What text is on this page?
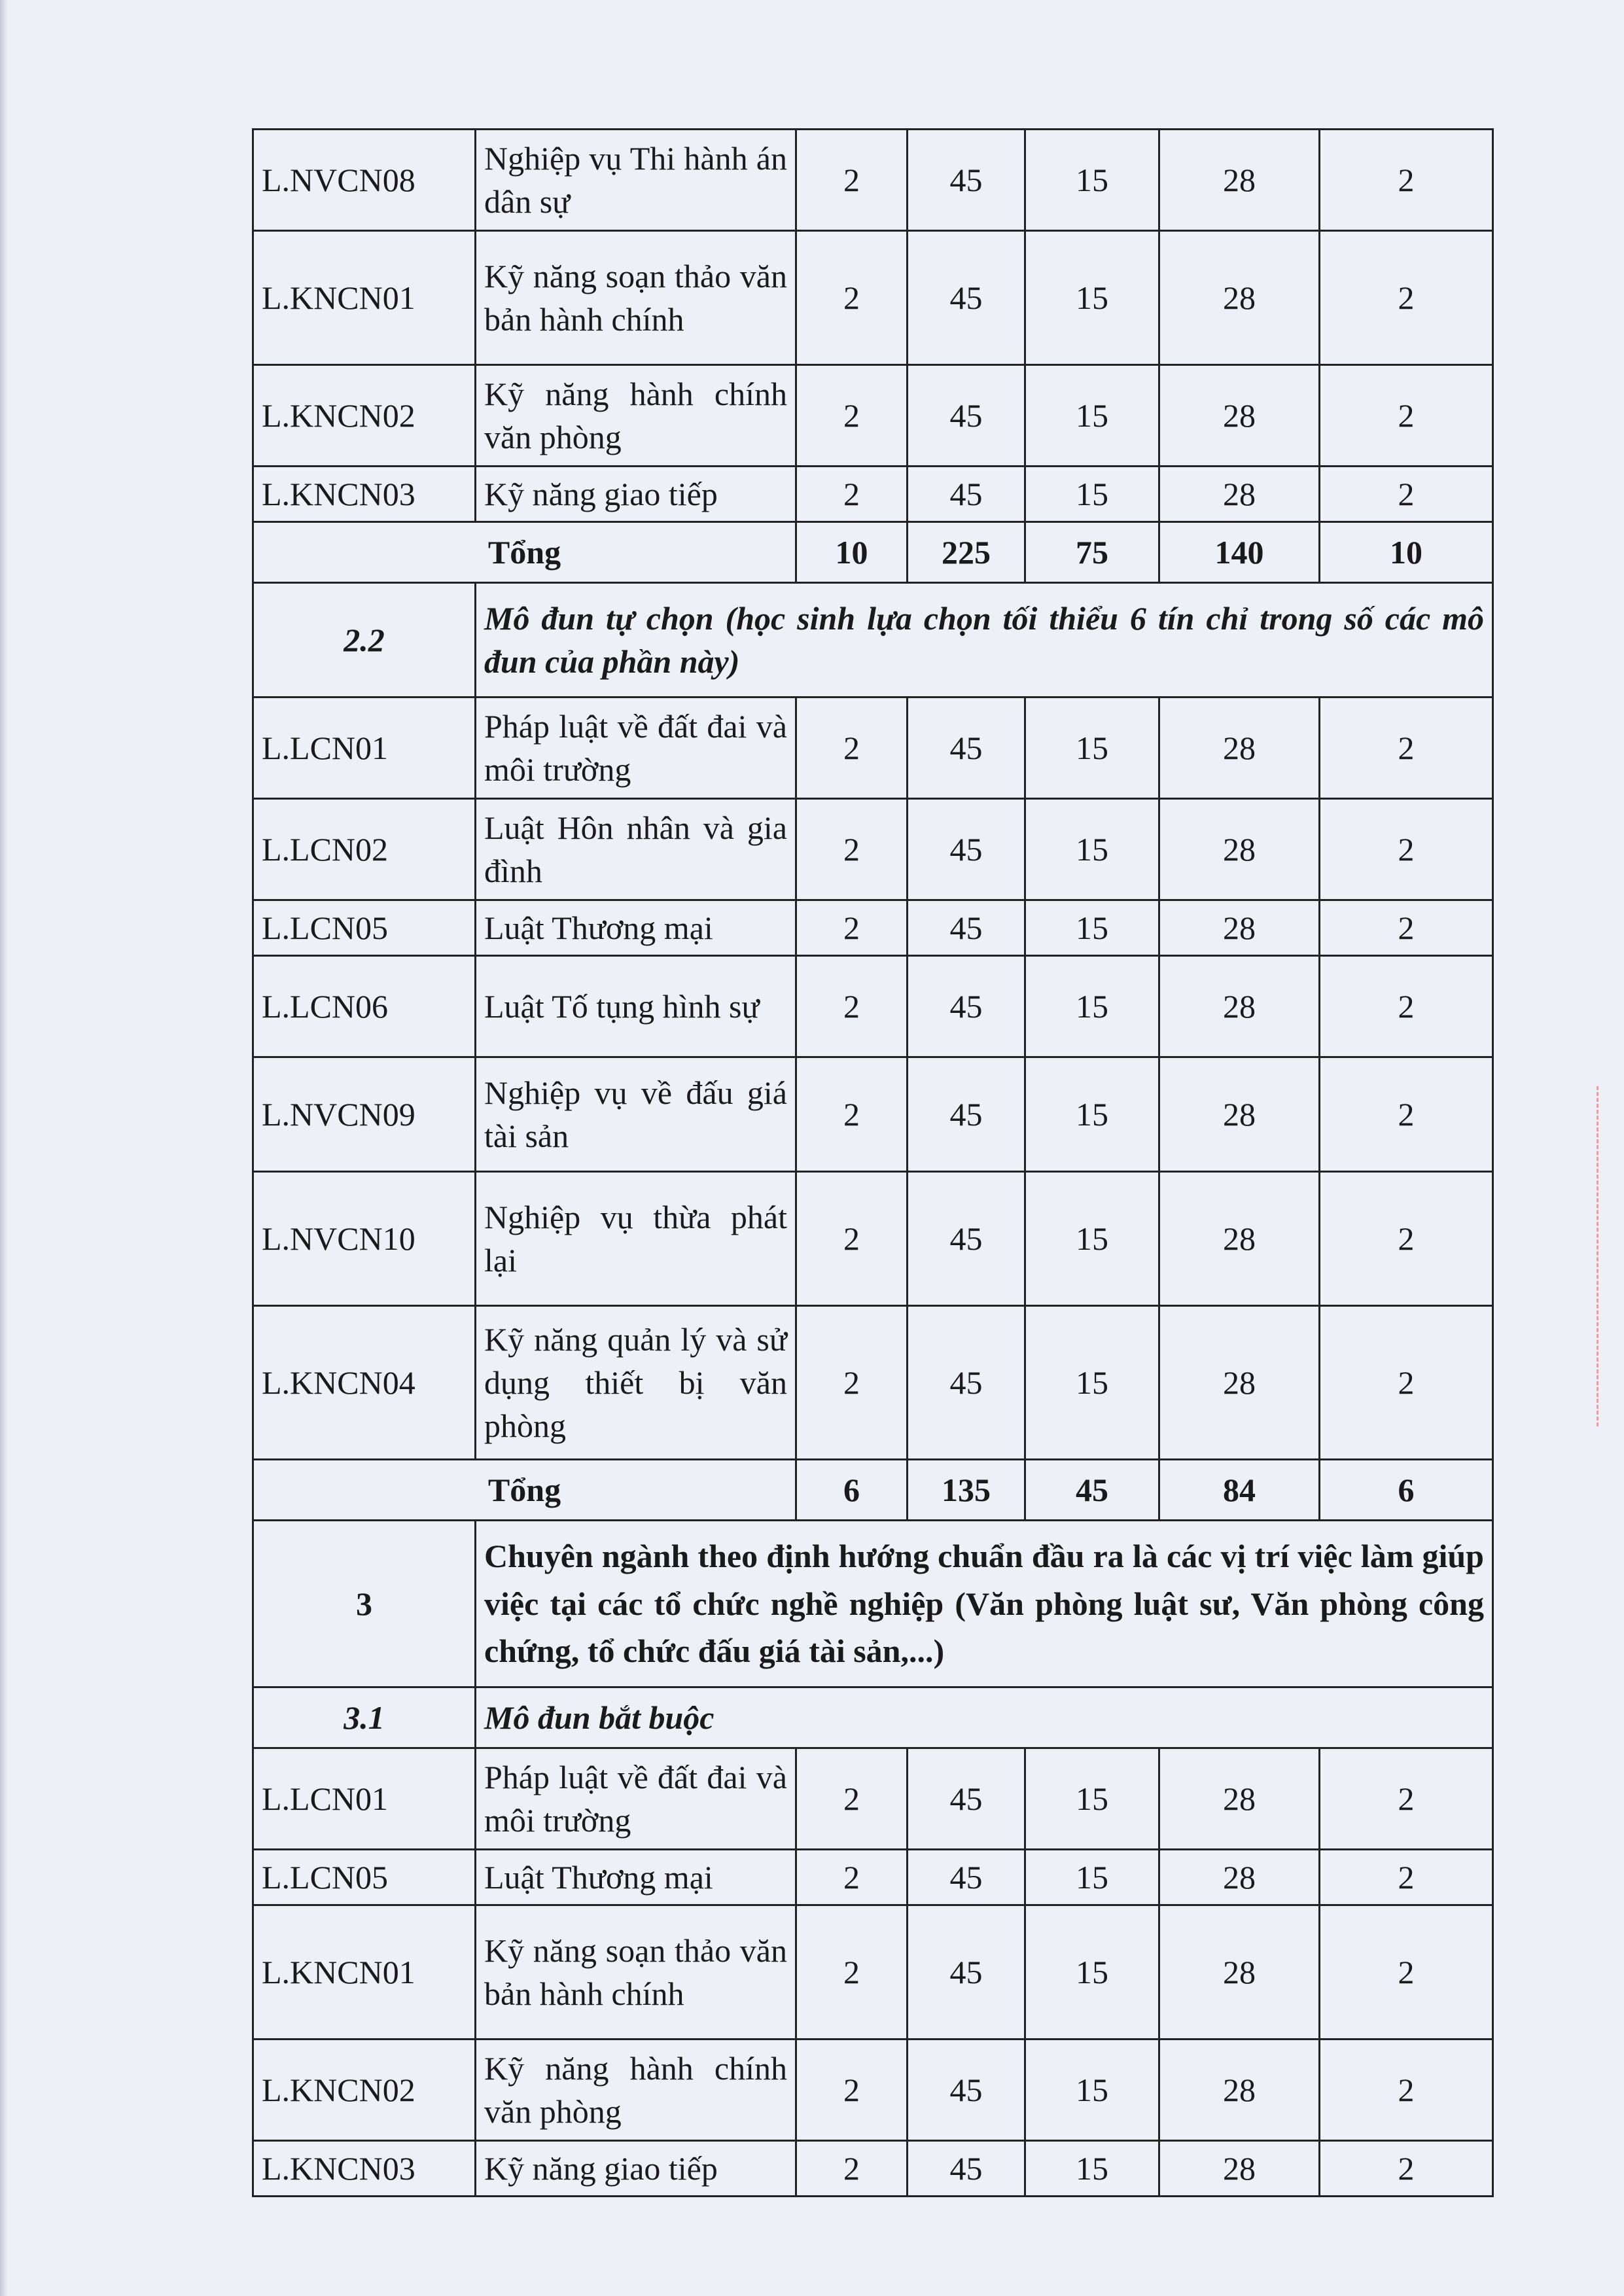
L.NVCN08	Nghiệp vụ Thi hành án dân sự	2	45	15	28	2
L.KNCN01	Kỹ năng soạn thảo văn bản hành chính	2	45	15	28	2
L.KNCN02	Kỹ năng hành chính văn phòng	2	45	15	28	2
L.KNCN03	Kỹ năng giao tiếp	2	45	15	28	2
Tổng		10	225	75	140	10
2.2	Mô đun tự chọn (học sinh lựa chọn tối thiểu 6 tín chỉ trong số các mô đun của phần này)					
L.LCN01	Pháp luật về đất đai và môi trường	2	45	15	28	2
L.LCN02	Luật Hôn nhân và gia đình	2	45	15	28	2
L.LCN05	Luật Thương mại	2	45	15	28	2
L.LCN06	Luật Tố tụng hình sự	2	45	15	28	2
L.NVCN09	Nghiệp vụ về đấu giá tài sản	2	45	15	28	2
L.NVCN10	Nghiệp vụ thừa phát lại	2	45	15	28	2
L.KNCN04	Kỹ năng quản lý và sử dụng thiết bị văn phòng	2	45	15	28	2
Tổng		6	135	45	84	6
3	Chuyên ngành theo định hướng chuẩn đầu ra là các vị trí việc làm giúp việc tại các tổ chức nghề nghiệp (Văn phòng luật sư, Văn phòng công chứng, tổ chức đấu giá tài sản,...)					
3.1	Mô đun bắt buộc					
L.LCN01	Pháp luật về đất đai và môi trường	2	45	15	28	2
L.LCN05	Luật Thương mại	2	45	15	28	2
L.KNCN01	Kỹ năng soạn thảo văn bản hành chính	2	45	15	28	2
L.KNCN02	Kỹ năng hành chính văn phòng	2	45	15	28	2
L.KNCN03	Kỹ năng giao tiếp	2	45	15	28	2
